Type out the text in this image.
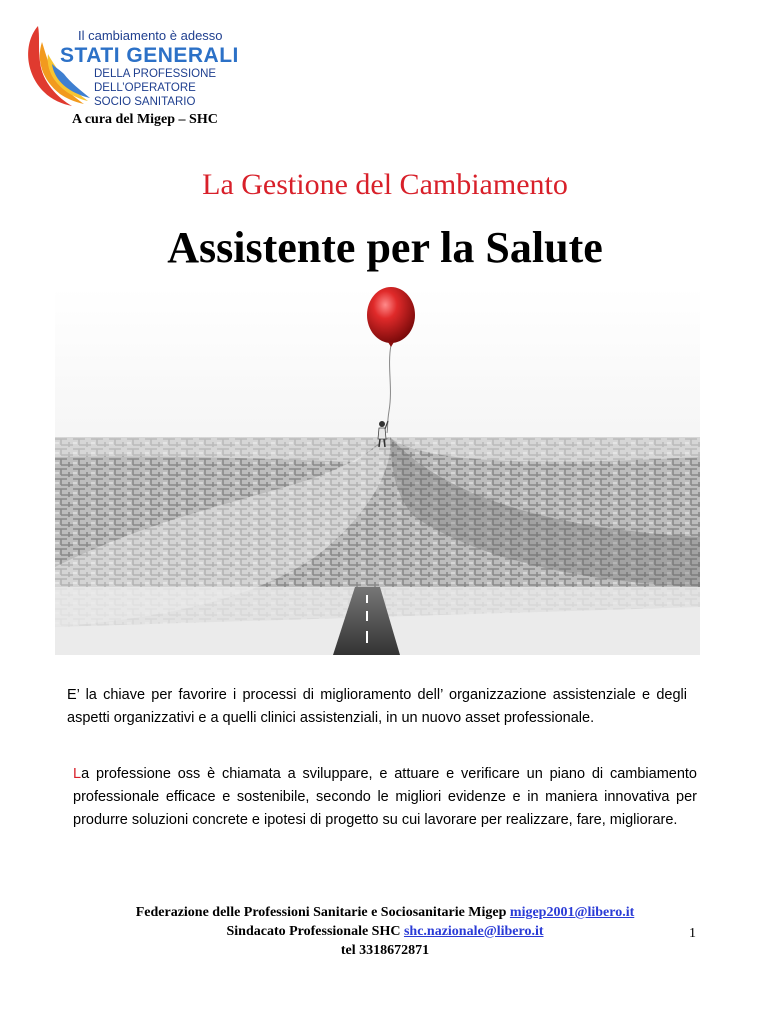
Il cambiamento è adesso
STATI GENERALI
DELLA PROFESSIONE
DELL’OPERATORE
SOCIO SANITARIO
A cura del Migep – SHC
La Gestione del Cambiamento
Assistente per la Salute
E’ la chiave per favorire i processi di miglioramento dell’ organizzazione assistenziale e degli aspetti organizzativi e a quelli clinici assistenziali, in un nuovo asset professionale.
La professione oss è chiamata a sviluppare, e attuare e verificare un piano di cambiamento professionale efficace e sostenibile, secondo le migliori evidenze e in maniera innovativa per produrre soluzioni concrete e ipotesi di progetto su cui lavorare per realizzare, fare, migliorare.
Federazione delle Professioni Sanitarie e Sociosanitarie Migep migep2001@libero.it
Sindacato Professionale SHC shc.nazionale@libero.it
tel 3318672871
1
